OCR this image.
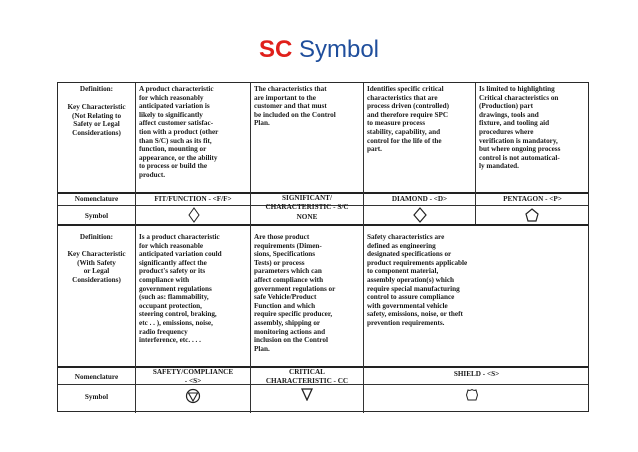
SC Symbol
Definition:
Key Characteristic
(Not Relating to
Safety or Legal
Considerations)
A product characteristic
for which reasonably
anticipated variation is
likely to significantly
affect customer satisfac-
tion with a product (other
than S/C) such as its fit,
function, mounting or
appearance, or the ability
to process or build the
product.
The characteristics that
are important to the
customer and that must
be included on the Control
Plan.
Identifies specific critical
characteristics that are
process driven (controlled)
and therefore require SPC
to measure process
stability, capability, and
control for the life of the
part.
Is limited to highlighting
Critical characteristics on
(Production) part
drawings, tools and
fixture, and tooling aid
procedures where
verification is mandatory,
but where ongoing process
control is not automatical-
ly mandated.
Nomenclature
Symbol
FIT/FUNCTION - <F/F>	SIGNIFICANT/
CHARACTERISTIC - S/C
DIAMOND - <D>	PENTAGON - <P>
NONE
Definition:
Key Characteristic
(With Safety
or Legal
Considerations)
Is a product characteristic
for which reasonable
anticipated variation could
significantly affect the
product's safety or its
compliance with
government regulations
(such as: flammability,
occupant protection,
steering control, braking,
etc . . ), emissions, noise,
radio frequency
interference, etc. . . .
Are those product
requirements (Dimen-
sions, Specifications
Tests) or process
parameters which can
affect compliance with
government regulations or
safe Vehicle/Product
Function and which
require specific producer,
assembly, shipping or
monitoring actions and
inclusion on the Control
Plan.
Safety characteristics are
defined as engineering
designated specifications or
product requirements applicable
to component material,
assembly operation(s) which
require special manufacturing
control to assure compliance
with governmental vehicle
safety, emissions, noise, or theft
prevention requirements.
Nomenclature
Symbol
SAFETY/COMPLIANCE
- <S>
CRITICAL
CHARACTERISTIC - CC
SHIELD - <S>
